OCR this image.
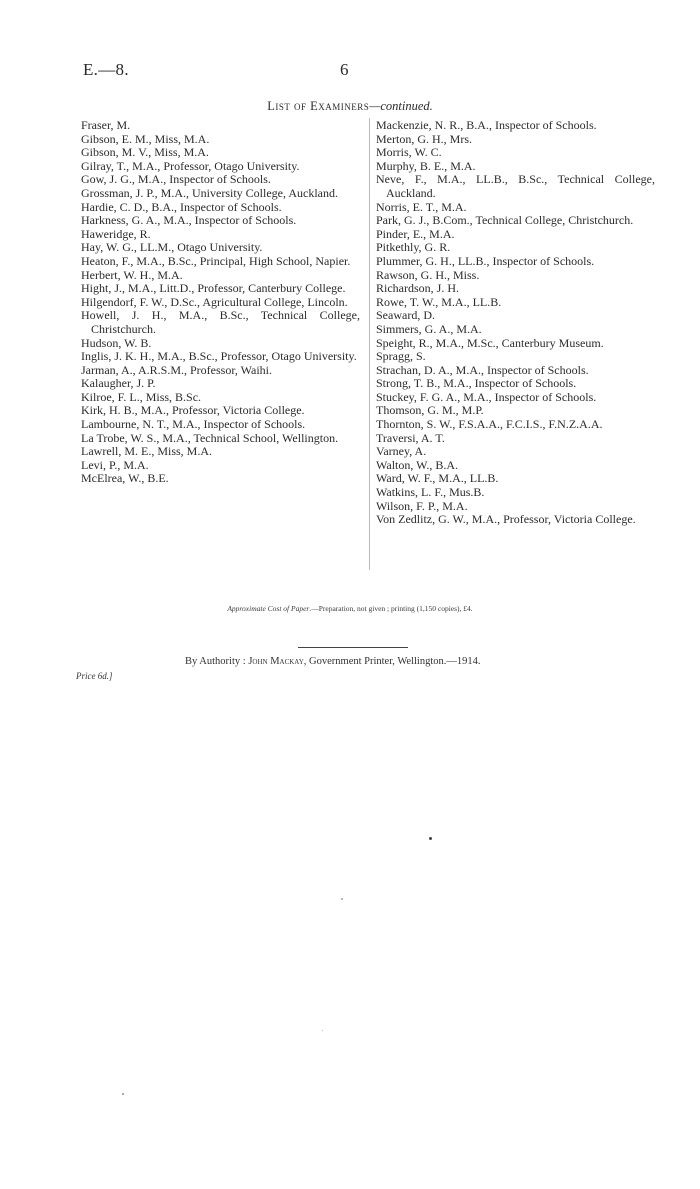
E.—8.	6
List of Examiners—continued.
Fraser, M.
Gibson, E. M., Miss, M.A.
Gibson, M. V., Miss, M.A.
Gilray, T., M.A., Professor, Otago University.
Gow, J. G., M.A., Inspector of Schools.
Grossman, J. P., M.A., University College, Auckland.
Hardie, C. D., B.A., Inspector of Schools.
Harkness, G. A., M.A., Inspector of Schools.
Haweridge, R.
Hay, W. G., LL.M., Otago University.
Heaton, F., M.A., B.Sc., Principal, High School, Napier.
Herbert, W. H., M.A.
Hight, J., M.A., Litt.D., Professor, Canterbury College.
Hilgendorf, F. W., D.Sc., Agricultural College, Lincoln.
Howell, J. H., M.A., B.Sc., Technical College, Christchurch.
Hudson, W. B.
Inglis, J. K. H., M.A., B.Sc., Professor, Otago University.
Jarman, A., A.R.S.M., Professor, Waihi.
Kalaugher, J. P.
Kilroe, F. L., Miss, B.Sc.
Kirk, H. B., M.A., Professor, Victoria College.
Lambourne, N. T., M.A., Inspector of Schools.
La Trobe, W. S., M.A., Technical School, Wellington.
Lawrell, M. E., Miss, M.A.
Levi, P., M.A.
McElrea, W., B.E.
Mackenzie, N. R., B.A., Inspector of Schools.
Merton, G. H., Mrs.
Morris, W. C.
Murphy, B. E., M.A.
Neve, F., M.A., LL.B., B.Sc., Technical College, Auckland.
Norris, E. T., M.A.
Park, G. J., B.Com., Technical College, Christchurch.
Pinder, E., M.A.
Pitkethly, G. R.
Plummer, G. H., LL.B., Inspector of Schools.
Rawson, G. H., Miss.
Richardson, J. H.
Rowe, T. W., M.A., LL.B.
Seaward, D.
Simmers, G. A., M.A.
Speight, R., M.A., M.Sc., Canterbury Museum.
Spragg, S.
Strachan, D. A., M.A., Inspector of Schools.
Strong, T. B., M.A., Inspector of Schools.
Stuckey, F. G. A., M.A., Inspector of Schools.
Thomson, G. M., M.P.
Thornton, S. W., F.S.A.A., F.C.I.S., F.N.Z.A.A.
Traversi, A. T.
Varney, A.
Walton, W., B.A.
Ward, W. F., M.A., LL.B.
Watkins, L. F., Mus.B.
Wilson, F. P., M.A.
Von Zedlitz, G. W., M.A., Professor, Victoria College.
Approximate Cost of Paper.—Preparation, not given ; printing (1,150 copies), £4.
By Authority : John Mackay, Government Printer, Wellington.—1914.
Price 6d.]
